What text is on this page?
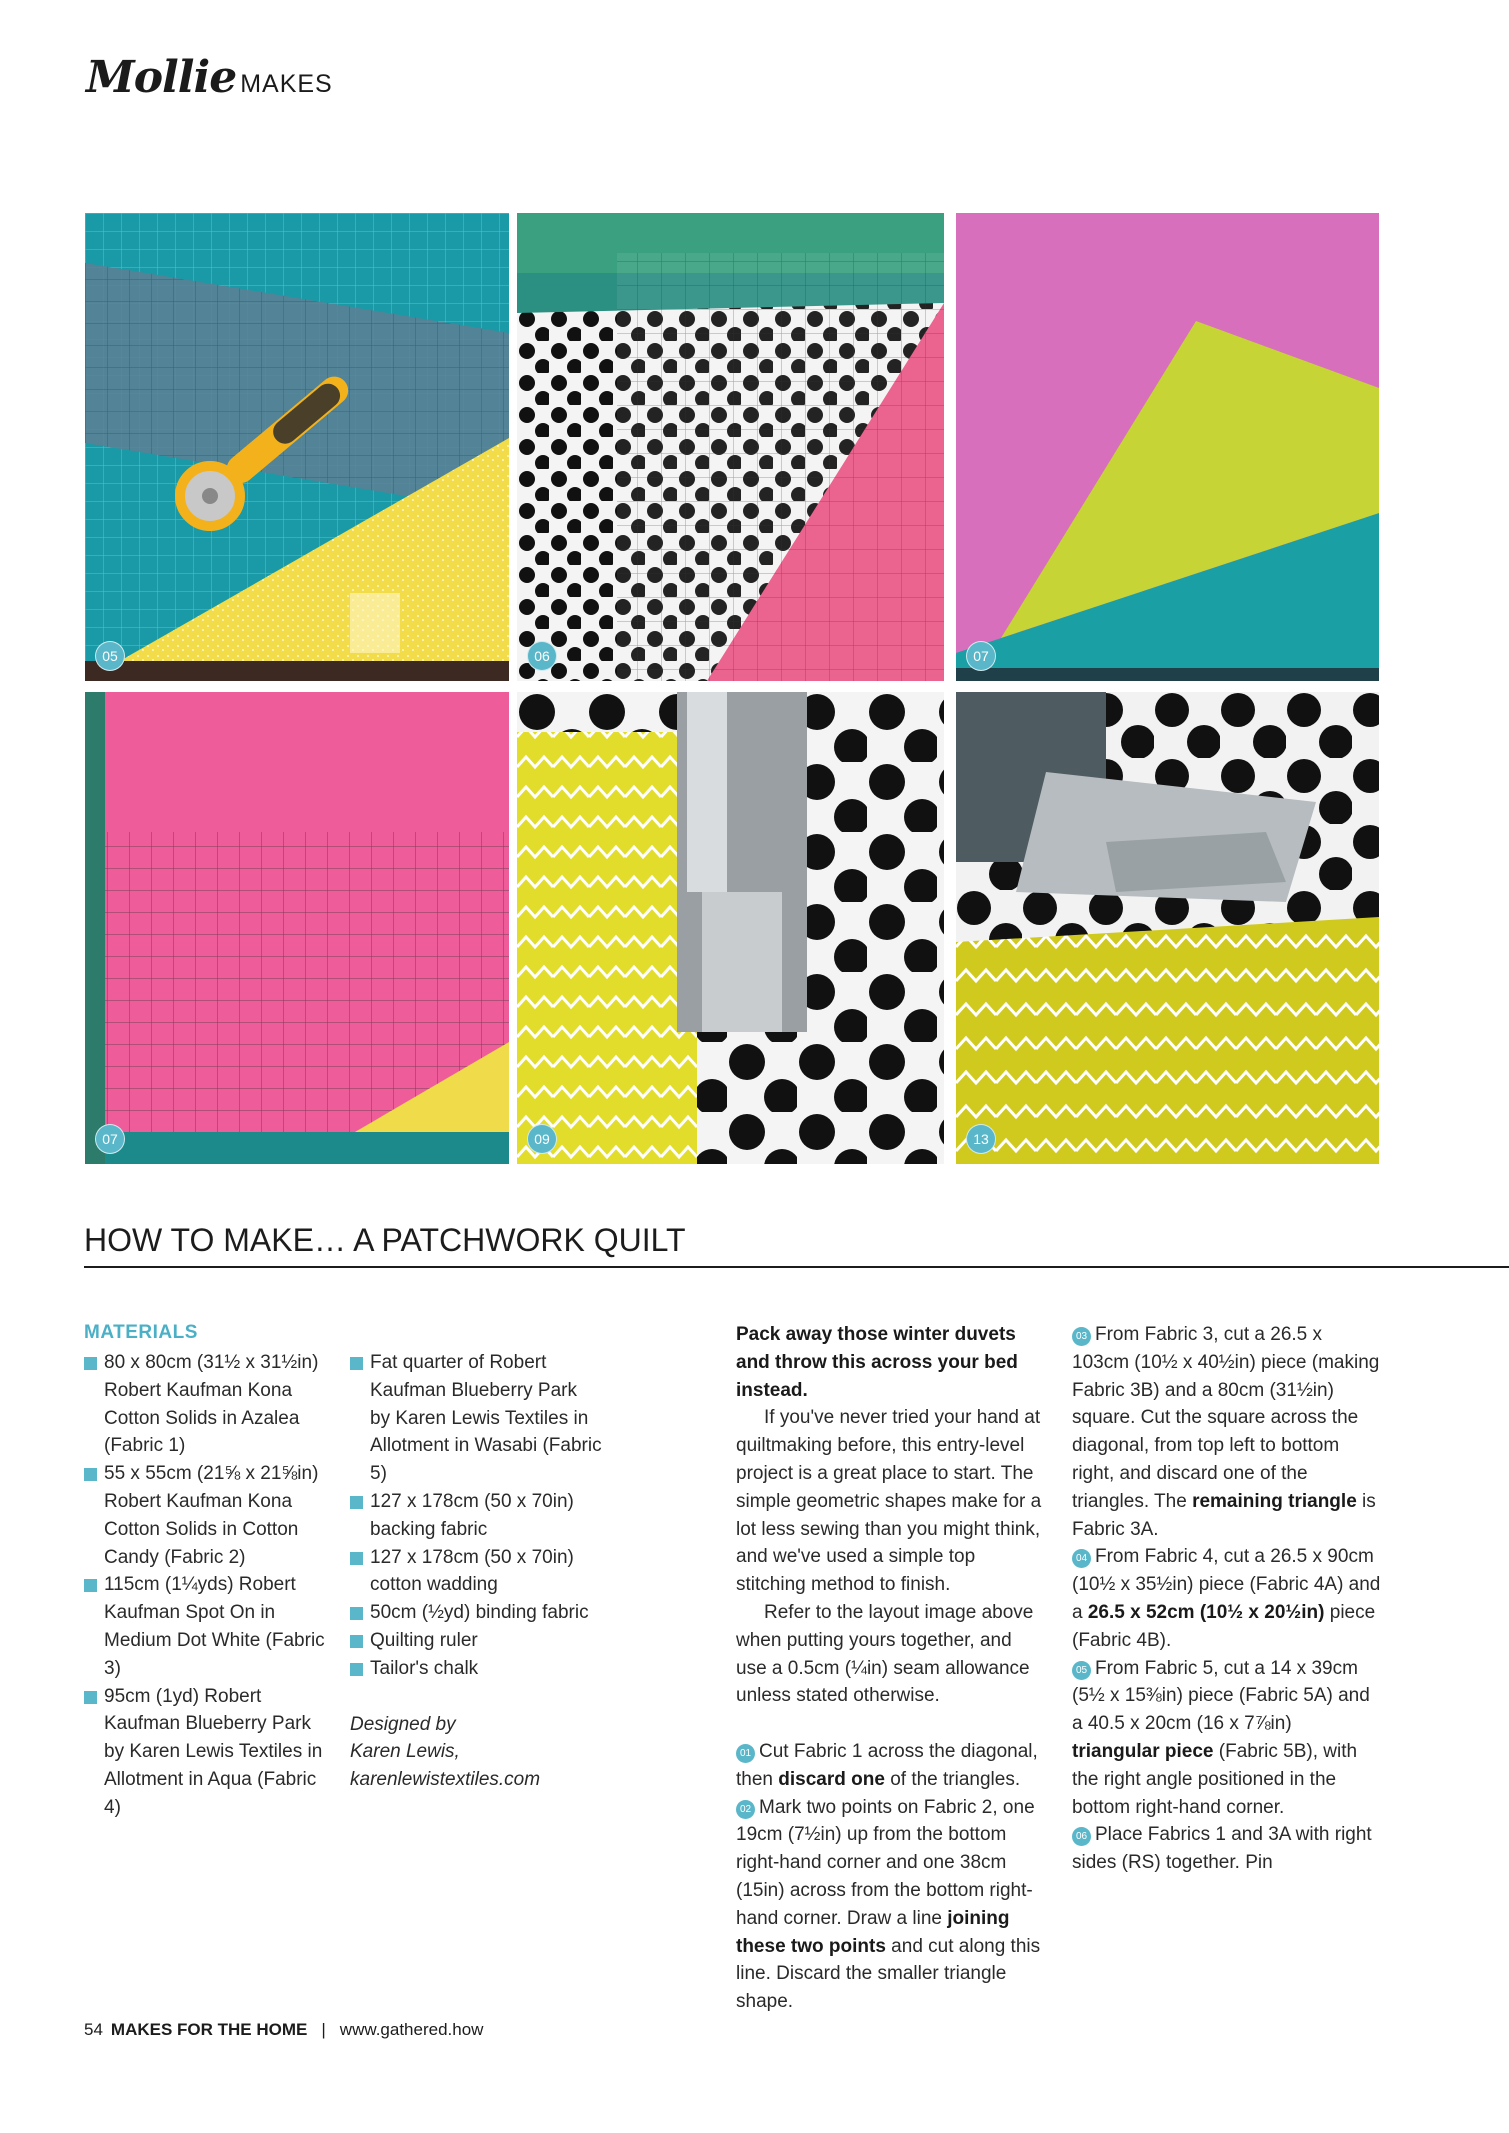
Mollie MAKES
05	06	07
07	09	13
HOW TO MAKE… A PATCHWORK QUILT
MATERIALS
80 x 80cm (31½ x 31½in) Robert Kaufman Kona Cotton Solids in Azalea (Fabric 1)
55 x 55cm (21⅝ x 21⅝in) Robert Kaufman Kona Cotton Solids in Cotton Candy (Fabric 2)
115cm (1¼yds) Robert Kaufman Spot On in Medium Dot White (Fabric 3)
95cm (1yd) Robert Kaufman Blueberry Park by Karen Lewis Textiles in Allotment in Aqua (Fabric 4)
Fat quarter of Robert Kaufman Blueberry Park by Karen Lewis Textiles in Allotment in Wasabi (Fabric 5)
127 x 178cm (50 x 70in) backing fabric
127 x 178cm (50 x 70in) cotton wadding
50cm (½yd) binding fabric
Quilting ruler
Tailor's chalk
Designed by
Karen Lewis,
karenlewistextiles.com

Pack away those winter duvets and throw this across your bed instead.

If you've never tried your hand at quiltmaking before, this entry-level project is a great place to start. The simple geometric shapes make for a lot less sewing than you might think, and we've used a simple top stitching method to finish.

Refer to the layout image above when putting yours together, and use a 0.5cm (¼in) seam allowance unless stated otherwise.

01 Cut Fabric 1 across the diagonal, then discard one of the triangles.

02 Mark two points on Fabric 2, one 19cm (7½in) up from the bottom right-hand corner and one 38cm (15in) across from the bottom right-hand corner. Draw a line joining these two points and cut along this line. Discard the smaller triangle shape.

03 From Fabric 3, cut a 26.5 x 103cm (10½ x 40½in) piece (making Fabric 3B) and a 80cm (31½in) square. Cut the square across the diagonal, from top left to bottom right, and discard one of the triangles. The remaining triangle is Fabric 3A.

04 From Fabric 4, cut a 26.5 x 90cm (10½ x 35½in) piece (Fabric 4A) and a 26.5 x 52cm (10½ x 20½in) piece (Fabric 4B).

05 From Fabric 5, cut a 14 x 39cm (5½ x 15⅜in) piece (Fabric 5A) and a 40.5 x 20cm (16 x 7⅞in) triangular piece (Fabric 5B), with the right angle positioned in the bottom right-hand corner.

06 Place Fabrics 1 and 3A with right sides (RS) together. Pin

54 MAKES FOR THE HOME | www.gathered.how
